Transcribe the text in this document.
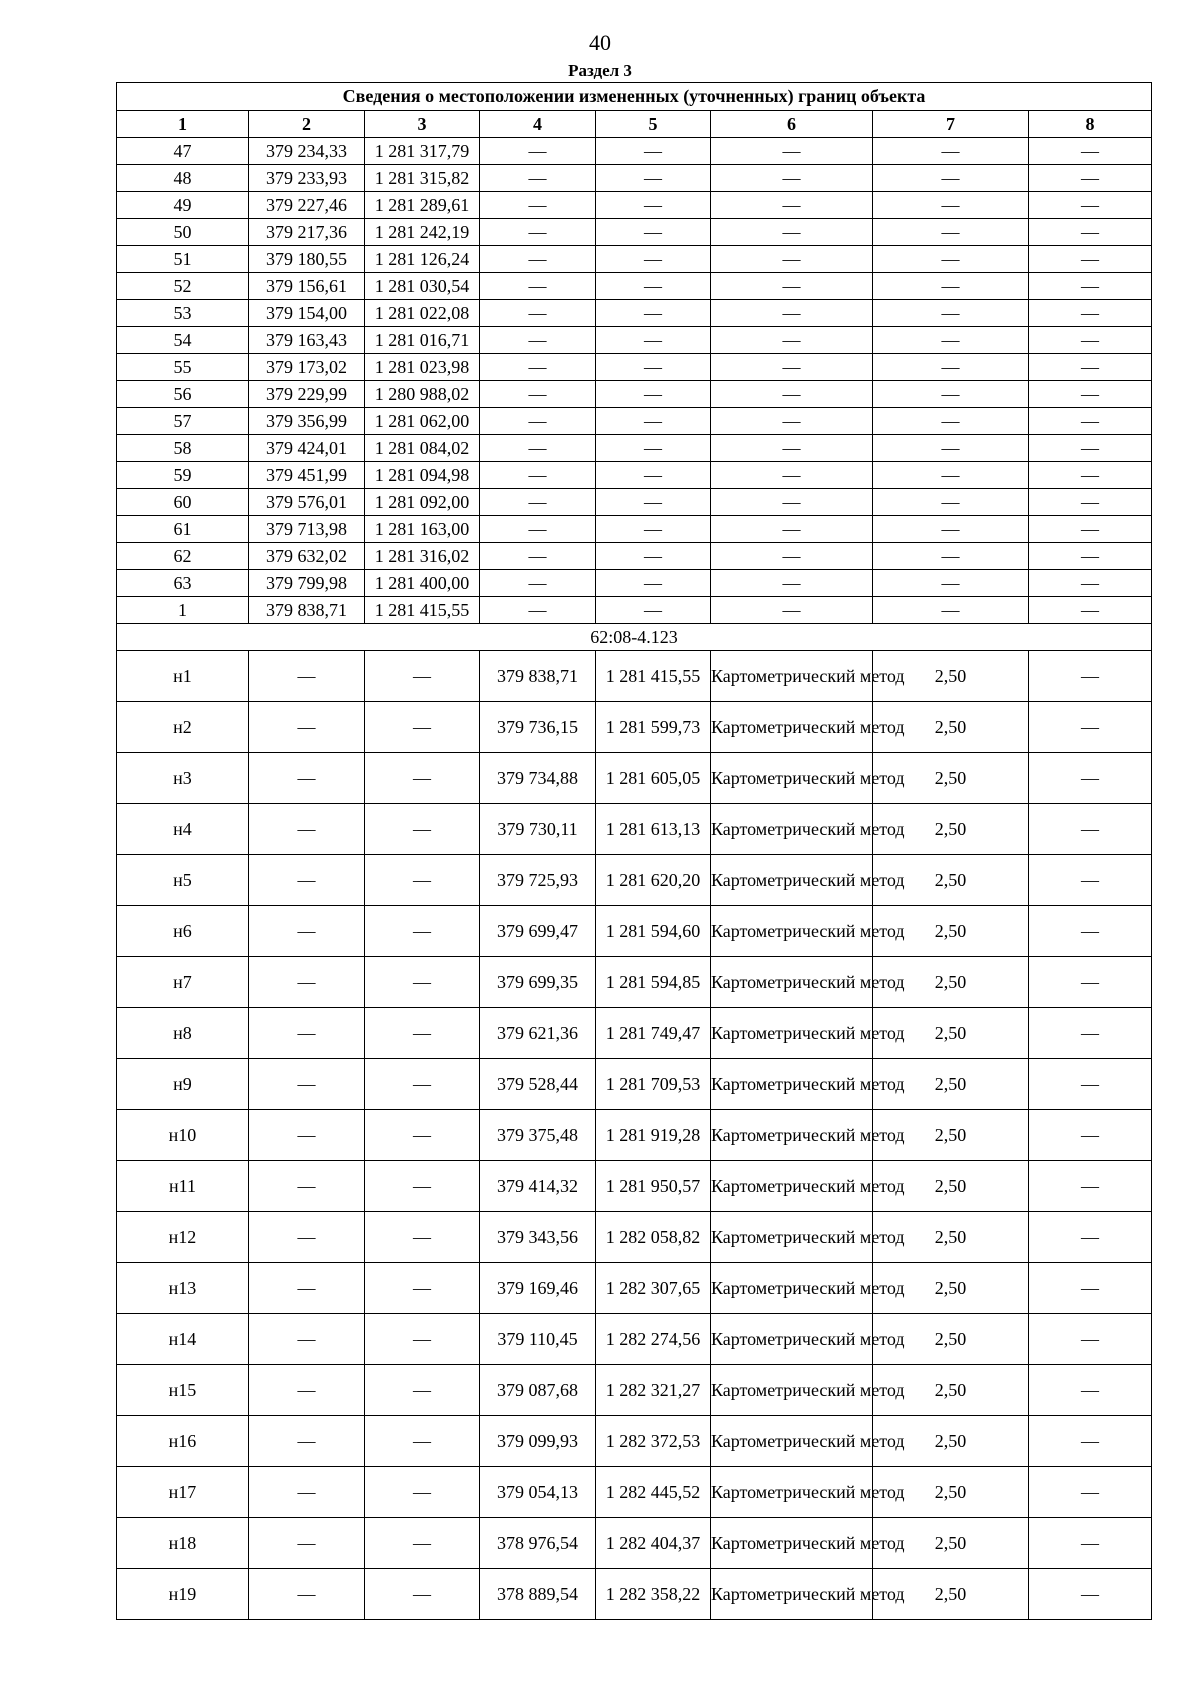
40
Раздел 3
Сведения о местоположении измененных (уточненных) границ объекта							
1	2	3	4	5	6	7	8
47	379 234,33	1 281 317,79	—	—	—	—	—
48	379 233,93	1 281 315,82	—	—	—	—	—
49	379 227,46	1 281 289,61	—	—	—	—	—
50	379 217,36	1 281 242,19	—	—	—	—	—
51	379 180,55	1 281 126,24	—	—	—	—	—
52	379 156,61	1 281 030,54	—	—	—	—	—
53	379 154,00	1 281 022,08	—	—	—	—	—
54	379 163,43	1 281 016,71	—	—	—	—	—
55	379 173,02	1 281 023,98	—	—	—	—	—
56	379 229,99	1 280 988,02	—	—	—	—	—
57	379 356,99	1 281 062,00	—	—	—	—	—
58	379 424,01	1 281 084,02	—	—	—	—	—
59	379 451,99	1 281 094,98	—	—	—	—	—
60	379 576,01	1 281 092,00	—	—	—	—	—
61	379 713,98	1 281 163,00	—	—	—	—	—
62	379 632,02	1 281 316,02	—	—	—	—	—
63	379 799,98	1 281 400,00	—	—	—	—	—
1	379 838,71	1 281 415,55	—	—	—	—	—
62:08-4.123							
н1	—	—	379 838,71	1 281 415,55	Картометрический метод	2,50	—
н2	—	—	379 736,15	1 281 599,73	Картометрический метод	2,50	—
н3	—	—	379 734,88	1 281 605,05	Картометрический метод	2,50	—
н4	—	—	379 730,11	1 281 613,13	Картометрический метод	2,50	—
н5	—	—	379 725,93	1 281 620,20	Картометрический метод	2,50	—
н6	—	—	379 699,47	1 281 594,60	Картометрический метод	2,50	—
н7	—	—	379 699,35	1 281 594,85	Картометрический метод	2,50	—
н8	—	—	379 621,36	1 281 749,47	Картометрический метод	2,50	—
н9	—	—	379 528,44	1 281 709,53	Картометрический метод	2,50	—
н10	—	—	379 375,48	1 281 919,28	Картометрический метод	2,50	—
н11	—	—	379 414,32	1 281 950,57	Картометрический метод	2,50	—
н12	—	—	379 343,56	1 282 058,82	Картометрический метод	2,50	—
н13	—	—	379 169,46	1 282 307,65	Картометрический метод	2,50	—
н14	—	—	379 110,45	1 282 274,56	Картометрический метод	2,50	—
н15	—	—	379 087,68	1 282 321,27	Картометрический метод	2,50	—
н16	—	—	379 099,93	1 282 372,53	Картометрический метод	2,50	—
н17	—	—	379 054,13	1 282 445,52	Картометрический метод	2,50	—
н18	—	—	378 976,54	1 282 404,37	Картометрический метод	2,50	—
н19	—	—	378 889,54	1 282 358,22	Картометрический метод	2,50	—
